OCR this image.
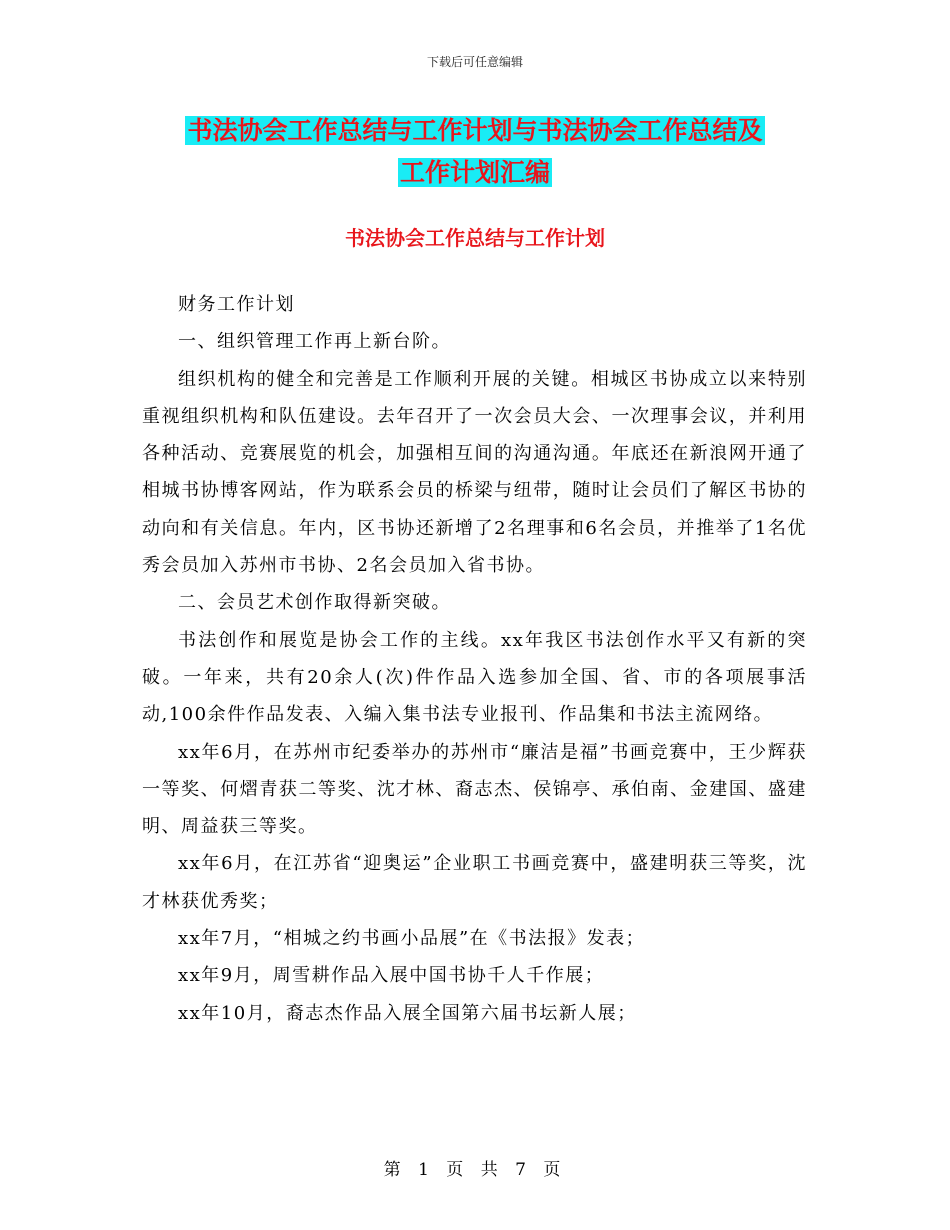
下载后可任意编辑
书法协会工作总结与工作计划与书法协会工作总结及
工作计划汇编
书法协会工作总结与工作计划

财务工作计划

一、组织管理工作再上新台阶。

组织机构的健全和完善是工作顺利开展的关键。相城区书协成立以来特别重视组织机构和队伍建设。去年召开了一次会员大会、一次理事会议，并利用各种活动、竞赛展览的机会，加强相互间的沟通沟通。年底还在新浪网开通了相城书协博客网站，作为联系会员的桥梁与纽带，随时让会员们了解区书协的动向和有关信息。年内，区书协还新增了2名理事和6名会员，并推举了1名优秀会员加入苏州市书协、2名会员加入省书协。

二、会员艺术创作取得新突破。

书法创作和展览是协会工作的主线。xx年我区书法创作水平又有新的突破。一年来，共有20余人(次)件作品入选参加全国、省、市的各项展事活动,100余件作品发表、入编入集书法专业报刊、作品集和书法主流网络。

xx年6月，在苏州市纪委举办的苏州市“廉洁是福”书画竞赛中，王少辉获一等奖、何熠青获二等奖、沈才林、裔志杰、侯锦亭、承伯南、金建国、盛建明、周益获三等奖。

xx年6月，在江苏省“迎奥运”企业职工书画竞赛中，盛建明获三等奖，沈才林获优秀奖；

xx年7月，“相城之约书画小品展”在《书法报》发表；

xx年9月，周雪耕作品入展中国书协千人千作展；

xx年10月，裔志杰作品入展全国第六届书坛新人展；

第 1 页 共 7 页
